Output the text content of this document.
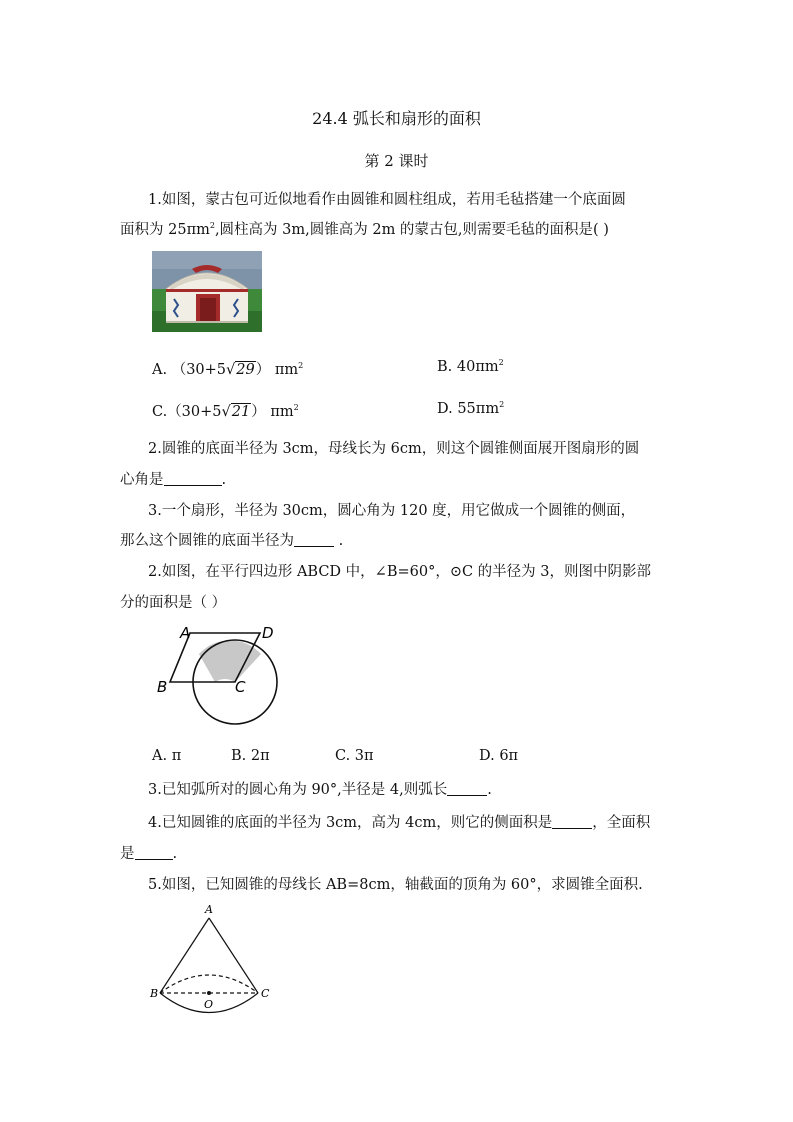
24.4 弧长和扇形的面积
第 2 课时
1.如图，蒙古包可近似地看作由圆锥和圆柱组成，若用毛毡搭建一个底面圆
面积为 $25\pi m^2$,圆柱高为 3m,圆锥高为 2m 的蒙古包,则需要毛毡的面积是( )
A. （30+5√29） $\pi m^2$	B. $40\pi m^2$
C.（30+5√21） $\pi m^2$	D. $55\pi m^2$
2.圆锥的底面半径为 3cm，母线长为 6cm，则这个圆锥侧面展开图扇形的圆
心角是	.
3.一个扇形，半径为 30cm，圆心角为 120 度，用它做成一个圆锥的侧面，
那么这个圆锥的底面半径为	.
2.如图，在平行四边形 ABCD 中，∠B=60°，⊙C 的半径为 3，则图中阴影部
分的面积是（ ）
A	D
B	C
A. π	B. 2π	C. 3π	D. 6π
3.已知弧所对的圆心角为 90°,半径是 4,则弧长	.
4.已知圆锥的底面的半径为 3cm，高为 4cm，则它的侧面积是	，全面积
是	.
5.如图，已知圆锥的母线长 AB=8cm，轴截面的顶角为 60°，求圆锥全面积.
A
B	C
O
